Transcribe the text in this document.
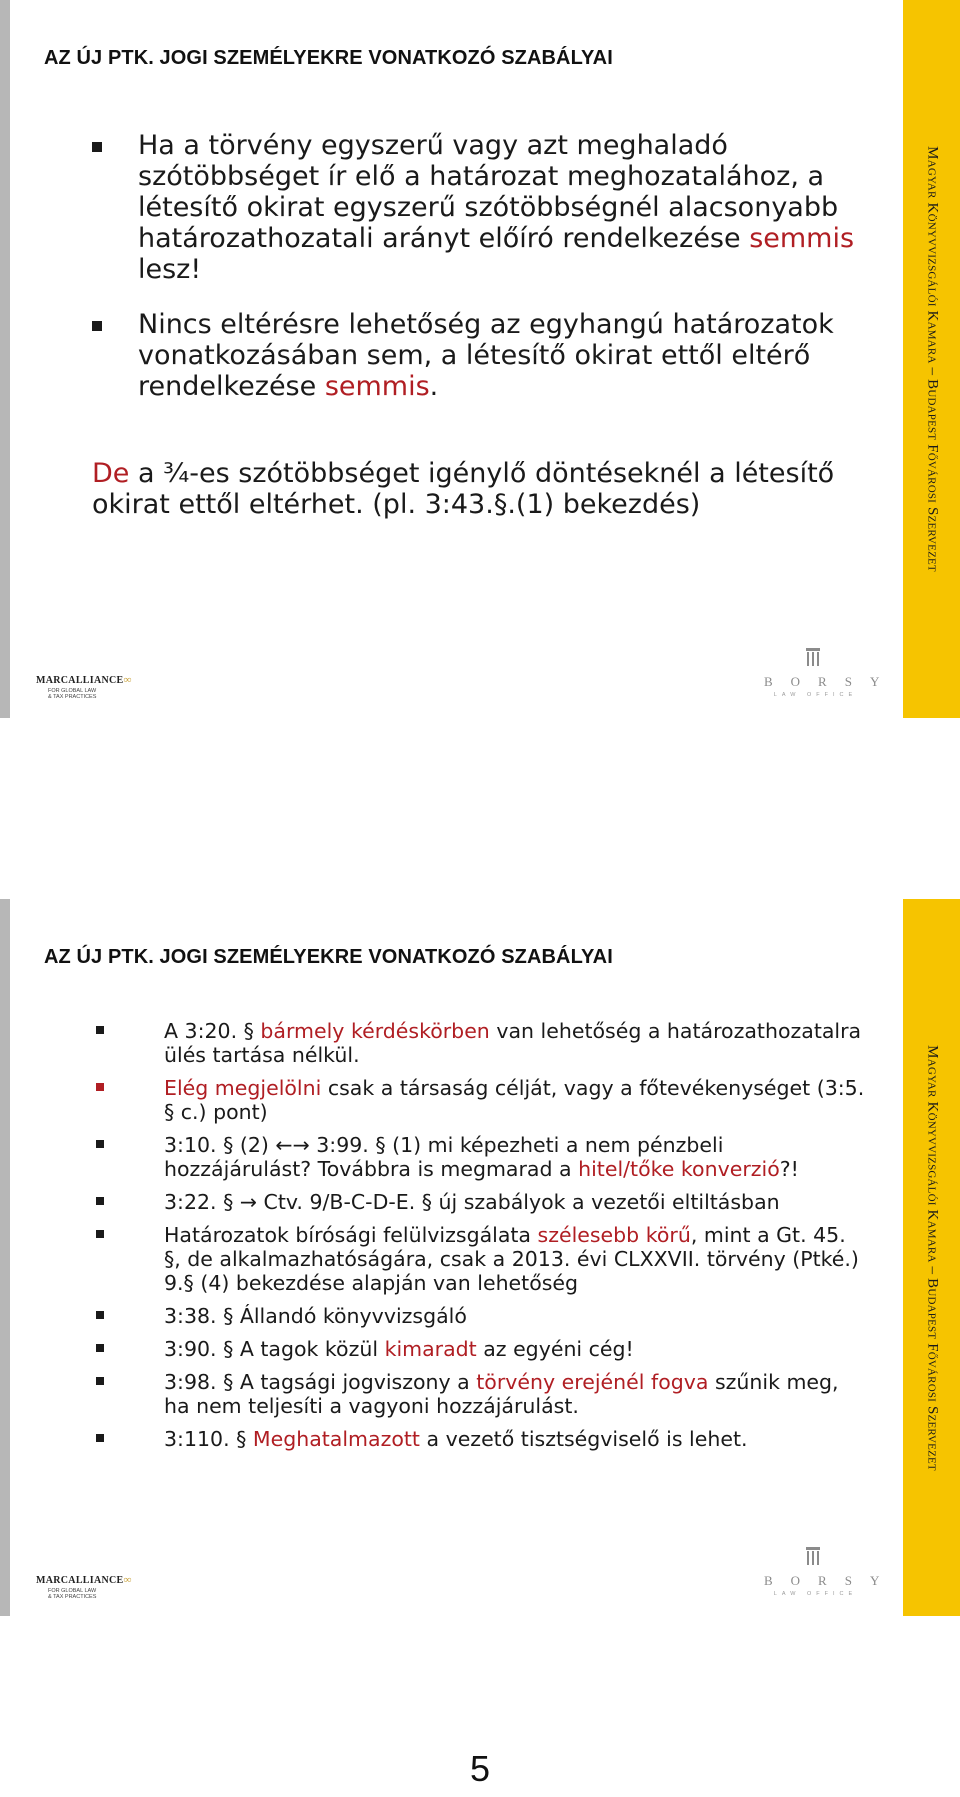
AZ ÚJ PTK. JOGI SZEMÉLYEKRE VONATKOZÓ SZABÁLYAI
Ha a törvény egyszerű vagy azt meghaladó szótöbbséget ír elő a határozat meghozatalához, a létesítő okirat egyszerű szótöbbségnél alacsonyabb határozathozatali arányt előíró rendelkezése semmis lesz!
Nincs eltérésre lehetőség az egyhangú határozatok vonatkozásában sem, a létesítő okirat ettől eltérő rendelkezése semmis.
De a ¾-es szótöbbséget igénylő döntéseknél a létesítő okirat ettől eltérhet. (pl. 3:43.§.(1) bekezdés)
MARCALLIANCE∞
FOR GLOBAL LAW
& TAX PRACTICES
BORSY
LAW OFFICE
Magyar Könyvvizsgálói Kamara – Budapest Fővárosi Szervezet
AZ ÚJ PTK. JOGI SZEMÉLYEKRE VONATKOZÓ SZABÁLYAI
A 3:20. § bármely kérdéskörben van lehetőség a határozathozatalra ülés tartása nélkül.
Elég megjelölni csak a társaság célját, vagy a főtevékenységet (3:5. § c.) pont)
3:10. § (2) ←→ 3:99. § (1) mi képezheti a nem pénzbeli hozzájárulást? Továbbra is megmarad a hitel/tőke konverzió?!
3:22. § → Ctv. 9/B-C-D-E. § új szabályok a vezetői eltiltásban
Határozatok bírósági felülvizsgálata szélesebb körű, mint a Gt. 45. §, de alkalmazhatóságára, csak a 2013. évi CLXXVII. törvény (Ptké.) 9.§ (4) bekezdése alapján van lehetőség
3:38. § Állandó könyvvizsgáló
3:90. § A tagok közül kimaradt az egyéni cég!
3:98. § A tagsági jogviszony a törvény erejénél fogva szűnik meg, ha nem teljesíti a vagyoni hozzájárulást.
3:110. § Meghatalmazott a vezető tisztségviselő is lehet.
MARCALLIANCE∞
FOR GLOBAL LAW
& TAX PRACTICES
BORSY
LAW OFFICE
Magyar Könyvvizsgálói Kamara – Budapest Fővárosi Szervezet
5
